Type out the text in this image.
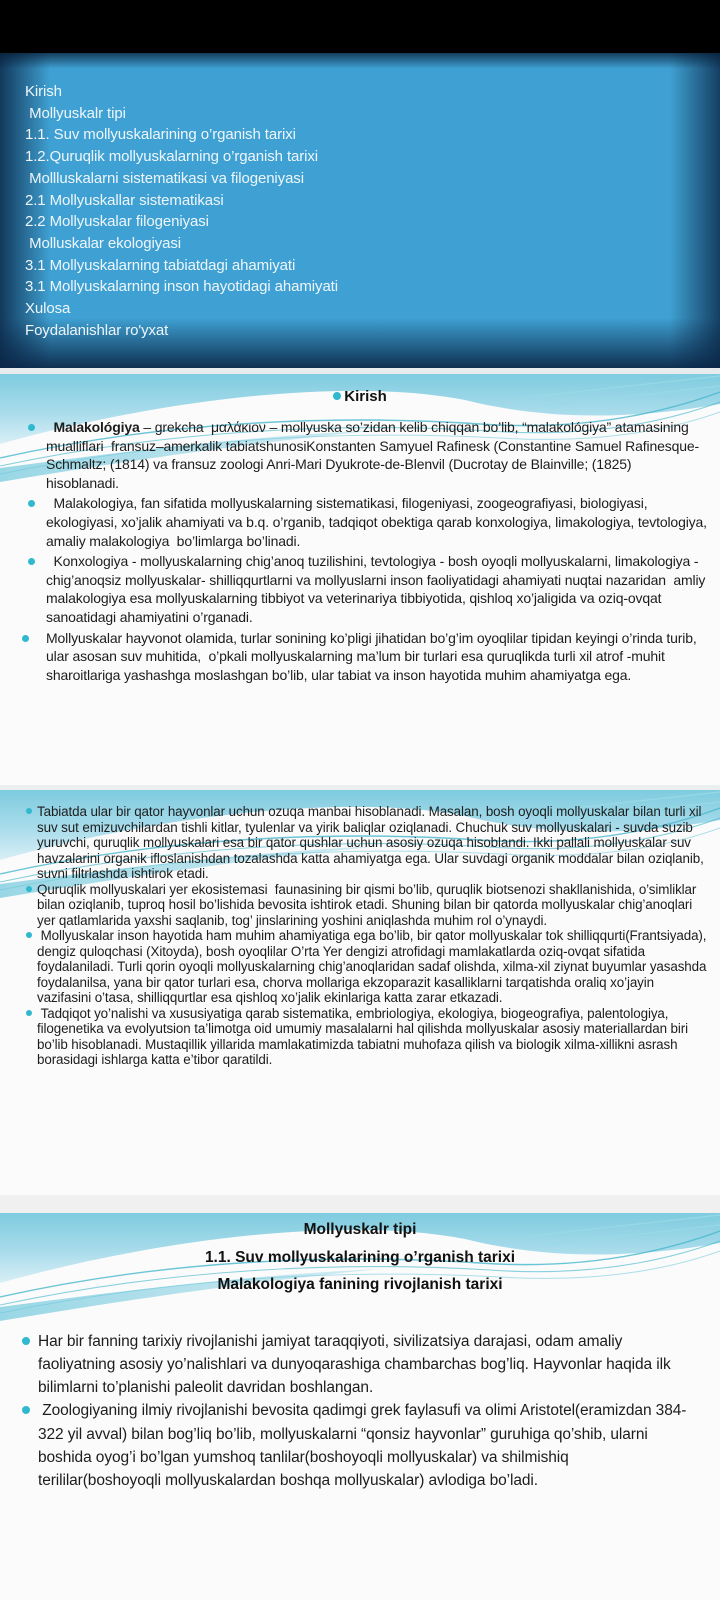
Kirish
Mollyuskalr tipi
1.1. Suv mollyuskalarining o’rganish tarixi
1.2.Quruqlik mollyuskalarning o’rganish tarixi
Mollluskalarni sistematikasi va filogeniyasi
2.1 Mollyuskallar sistematikasi
2.2 Mollyuskalar filogeniyasi
Molluskalar ekologiyasi
3.1 Mollyuskalarning tabiatdagi ahamiyati
3.1 Mollyuskalarning inson hayotidagi ahamiyati
Xulosa
Foydalanishlar ro'yxat
Kirish

Malakológiya – grekcha  μαλάκιον – mollyuska so’zidan kelib chiqqan bo’lib, “malakológiya” atamasining mualliflari  fransuz–amerkalik tabiatshunosiKonstanten Samyuel Rafinesk (Constantine Samuel Rafinesque-Schmaltz; (1814) va fransuz zoologi Anri-Mari Dyukrote-de-Blenvil (Ducrotay de Blainville; (1825) hisoblanadi.

Malakologiya, fan sifatida mollyuskalarning sistematikasi, filogeniyasi, zoogeografiyasi, biologiyasi, ekologiyasi, xo’jalik ahamiyati va b.q. o’rganib, tadqiqot obektiga qarab konxologiya, limakologiya, tevtologiya, amaliy malakologiya  bo’limlarga bo’linadi.

Konxologiya - mollyuskalarning chig’anoq tuzilishini, tevtologiya - bosh oyoqli mollyuskalarni, limakologiya -chig’anoqsiz mollyuskalar- shilliqqurtlarni va mollyuslarni inson faoliyatidagi ahamiyati nuqtai nazaridan  amliy malakologiya esa mollyuskalarning tibbiyot va veterinariya tibbiyotida, qishloq xo’jaligida va oziq-ovqat sanoatidagi ahamiyatini o’rganadi.

Mollyuskalar hayvonot olamida, turlar sonining ko’pligi jihatidan bo’g’im oyoqlilar tipidan keyingi o’rinda turib, ular asosan suv muhitida,  o’pkali mollyuskalarning ma’lum bir turlari esa quruqlikda turli xil atrof -muhit sharoitlariga yashashga moslashgan bo’lib, ular tabiat va inson hayotida muhim ahamiyatga ega.

Tabiatda ular bir qator hayvonlar uchun ozuqa manbai hisoblanadi. Masalan, bosh oyoqli mollyuskalar bilan turli xil suv sut emizuvchilardan tishli kitlar, tyulenlar va yirik baliqlar oziqlanadi. Chuchuk suv mollyuskalari - suvda suzib yuruvchi, quruqlik mollyuskalari esa bir qator qushlar uchun asosiy ozuqa hisoblandi. Ikki pallali mollyuskalar suv havzalarini organik ifloslanishdan tozalashda katta ahamiyatga ega. Ular suvdagi organik moddalar bilan oziqlanib, suvni filtrlashda ishtirok etadi.

Quruqlik mollyuskalari yer ekosistemasi  faunasining bir qismi bo’lib, quruqlik biotsenozi shakllanishida, o’simliklar bilan oziqlanib, tuproq hosil bo’lishida bevosita ishtirok etadi. Shuning bilan bir qatorda mollyuskalar chig’anoqlari yer qatlamlarida yaxshi saqlanib, tog’ jinslarining yoshini aniqlashda muhim rol o’ynaydi.

Mollyuskalar inson hayotida ham muhim ahamiyatiga ega bo’lib, bir qator mollyuskalar tok shilliqqurti(Frantsiyada), dengiz quloqchasi (Xitoyda), bosh oyoqlilar O’rta Yer dengizi atrofidagi mamlakatlarda oziq-ovqat sifatida foydalaniladi. Turli qorin oyoqli mollyuskalarning chig’anoqlaridan sadaf olishda, xilma-xil ziynat buyumlar yasashda foydalanilsa, yana bir qator turlari esa, chorva mollariga ekzoparazit kasalliklarni tarqatishda oraliq xo’jayin vazifasini o’tasa, shilliqqurtlar esa qishloq xo’jalik ekinlariga katta zarar etkazadi.

Tadqiqot yo’nalishi va xususiyatiga qarab sistematika, embriologiya, ekologiya, biogeografiya, palentologiya, filogenetika va evolyutsion ta’limotga oid umumiy masalalarni hal qilishda mollyuskalar asosiy materiallardan biri bo’lib hisoblanadi. Mustaqillik yillarida mamlakatimizda tabiatni muhofaza qilish va biologik xilma-xillikni asrash borasidagi ishlarga katta e’tibor qaratildi.

Mollyuskalr tipi
1.1. Suv mollyuskalarining o’rganish tarixi
Malakologiya fanining rivojlanish tarixi

Har bir fanning tarixiy rivojlanishi jamiyat taraqqiyoti, sivilizatsiya darajasi, odam amaliy faoliyatning asosiy yo’nalishlari va dunyoqarashiga chambarchas bog’liq. Hayvonlar haqida ilk bilimlarni to’planishi paleolit davridan boshlangan.

Zoologiyaning ilmiy rivojlanishi bevosita qadimgi grek faylasufi va olimi Aristotel(eramizdan 384-322 yil avval) bilan bog’liq bo’lib, mollyuskalarni “qonsiz hayvonlar” guruhiga qo’shib, ularni boshida oyog’i bo’lgan yumshoq tanlilar(boshoyoqli mollyuskalar) va shilmishiq terililar(boshoyoqli mollyuskalardan boshqa mollyuskalar) avlodiga bo’ladi.
